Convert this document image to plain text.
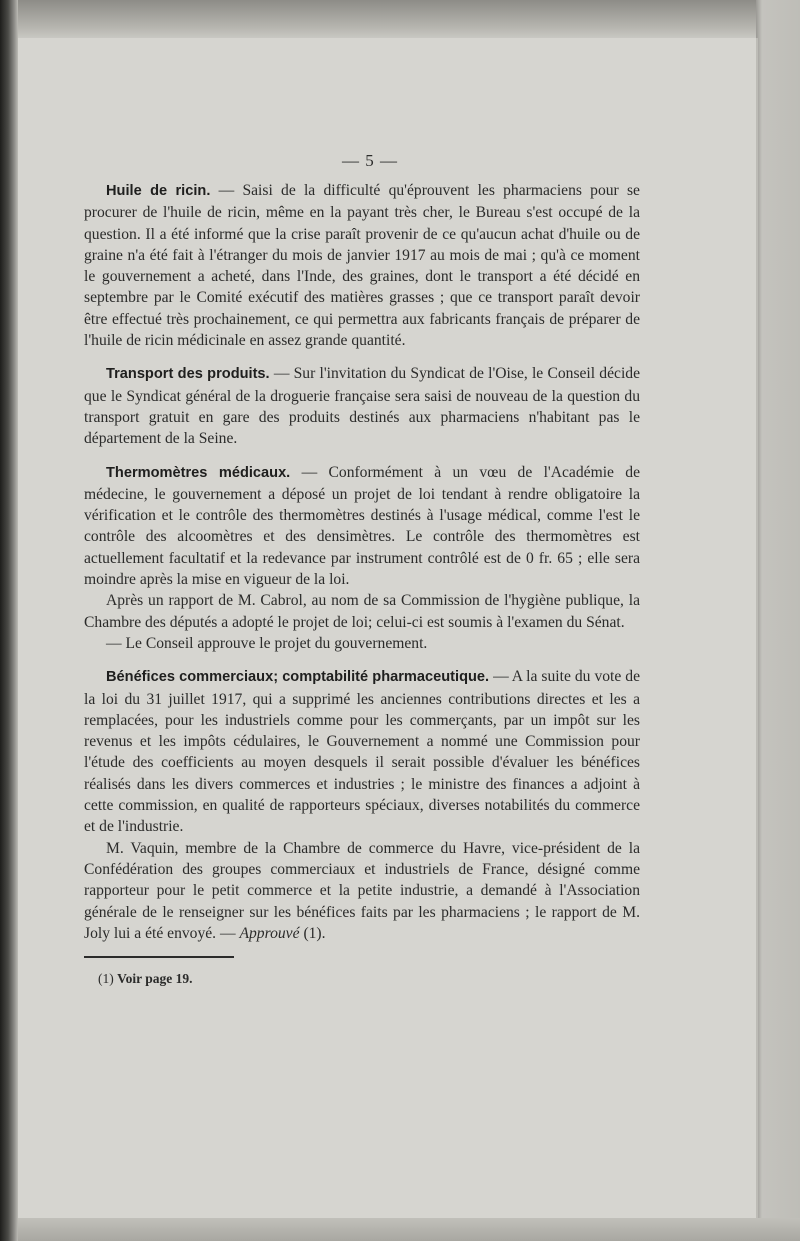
— 5 —

Huile de ricin. — Saisi de la difficulté qu'éprouvent les pharmaciens pour se procurer de l'huile de ricin, même en la payant très cher, le Bureau s'est occupé de la question. Il a été informé que la crise paraît provenir de ce qu'aucun achat d'huile ou de graine n'a été fait à l'étranger du mois de janvier 1917 au mois de mai ; qu'à ce moment le gouvernement a acheté, dans l'Inde, des graines, dont le transport a été décidé en septembre par le Comité exécutif des matières grasses ; que ce transport paraît devoir être effectué très prochainement, ce qui permettra aux fabricants français de préparer de l'huile de ricin médicinale en assez grande quantité.

Transport des produits. — Sur l'invitation du Syndicat de l'Oise, le Conseil décide que le Syndicat général de la droguerie française sera saisi de nouveau de la question du transport gratuit en gare des produits destinés aux pharmaciens n'habitant pas le département de la Seine.

Thermomètres médicaux. — Conformément à un vœu de l'Académie de médecine, le gouvernement a déposé un projet de loi tendant à rendre obligatoire la vérification et le contrôle des thermomètres destinés à l'usage médical, comme l'est le contrôle des alcoomètres et des densimètres. Le contrôle des thermomètres est actuellement facultatif et la redevance par instrument contrôlé est de 0 fr. 65 ; elle sera moindre après la mise en vigueur de la loi.

Après un rapport de M. Cabrol, au nom de sa Commission de l'hygiène publique, la Chambre des députés a adopté le projet de loi; celui-ci est soumis à l'examen du Sénat.

— Le Conseil approuve le projet du gouvernement.

Bénéfices commerciaux; comptabilité pharmaceutique. — A la suite du vote de la loi du 31 juillet 1917, qui a supprimé les anciennes contributions directes et les a remplacées, pour les industriels comme pour les commerçants, par un impôt sur les revenus et les impôts cédulaires, le Gouvernement a nommé une Commission pour l'étude des coefficients au moyen desquels il serait possible d'évaluer les bénéfices réalisés dans les divers commerces et industries ; le ministre des finances a adjoint à cette commission, en qualité de rapporteurs spéciaux, diverses notabilités du commerce et de l'industrie.

M. Vaquin, membre de la Chambre de commerce du Havre, vice-président de la Confédération des groupes commerciaux et industriels de France, désigné comme rapporteur pour le petit commerce et la petite industrie, a demandé à l'Association générale de le renseigner sur les bénéfices faits par les pharmaciens ; le rapport de M. Joly lui a été envoyé. — Approuvé (1).

(1) Voir page 19.
